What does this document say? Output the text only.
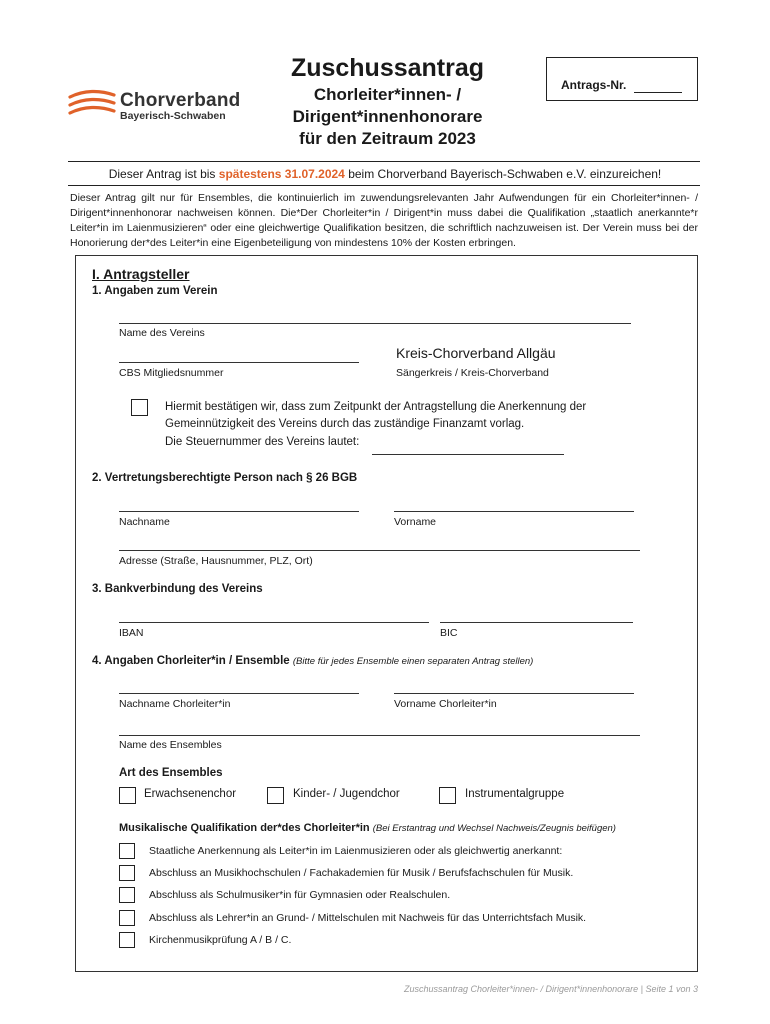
Chorverband
Bayerisch-Schwaben
Zuschussantrag
Chorleiter*innen- /
Dirigent*innenhonorare
für den Zeitraum 2023
Antrags-Nr.
Dieser Antrag ist bis spätestens 31.07.2024 beim Chorverband Bayerisch-Schwaben e.V. einzureichen!
Dieser Antrag gilt nur für Ensembles, die kontinuierlich im zuwendungsrelevanten Jahr Aufwendungen für ein Chorleiter*innen- / Dirigent*innenhonorar nachweisen können. Die*Der Chorleiter*in / Dirigent*in muss dabei die Qualifikation „staatlich anerkannte*r Leiter*in im Laienmusizieren“ oder eine gleichwertige Qualifikation besitzen, die schriftlich nachzuweisen ist. Der Verein muss bei der Honorierung der*des Leiter*in eine Eigenbeteiligung von mindestens 10% der Kosten erbringen.
I. Antragsteller
1. Angaben zum Verein
Name des Vereins
CBS Mitgliedsnummer
Kreis-Chorverband Allgäu
Sängerkreis / Kreis-Chorverband
Hiermit bestätigen wir, dass zum Zeitpunkt der Antragstellung die Anerkennung der
Gemeinnützigkeit des Vereins durch das zuständige Finanzamt vorlag.
Die Steuernummer des Vereins lautet:
2. Vertretungsberechtigte Person nach § 26 BGB
Nachname	Vorname
Adresse (Straße, Hausnummer, PLZ, Ort)
3. Bankverbindung des Vereins
IBAN	BIC
4. Angaben Chorleiter*in / Ensemble (Bitte für jedes Ensemble einen separaten Antrag stellen)
Nachname Chorleiter*in	Vorname Chorleiter*in
Name des Ensembles
Art des Ensembles
Erwachsenenchor	Kinder- / Jugendchor	Instrumentalgruppe
Musikalische Qualifikation der*des Chorleiter*in (Bei Erstantrag und Wechsel Nachweis/Zeugnis beifügen)
Staatliche Anerkennung als Leiter*in im Laienmusizieren oder als gleichwertig anerkannt:
Abschluss an Musikhochschulen / Fachakademien für Musik / Berufsfachschulen für Musik.
Abschluss als Schulmusiker*in für Gymnasien oder Realschulen.
Abschluss als Lehrer*in an Grund- / Mittelschulen mit Nachweis für das Unterrichtsfach Musik.
Kirchenmusikprüfung A / B / C.
Zuschussantrag Chorleiter*innen- / Dirigent*innenhonorare | Seite 1 von 3
